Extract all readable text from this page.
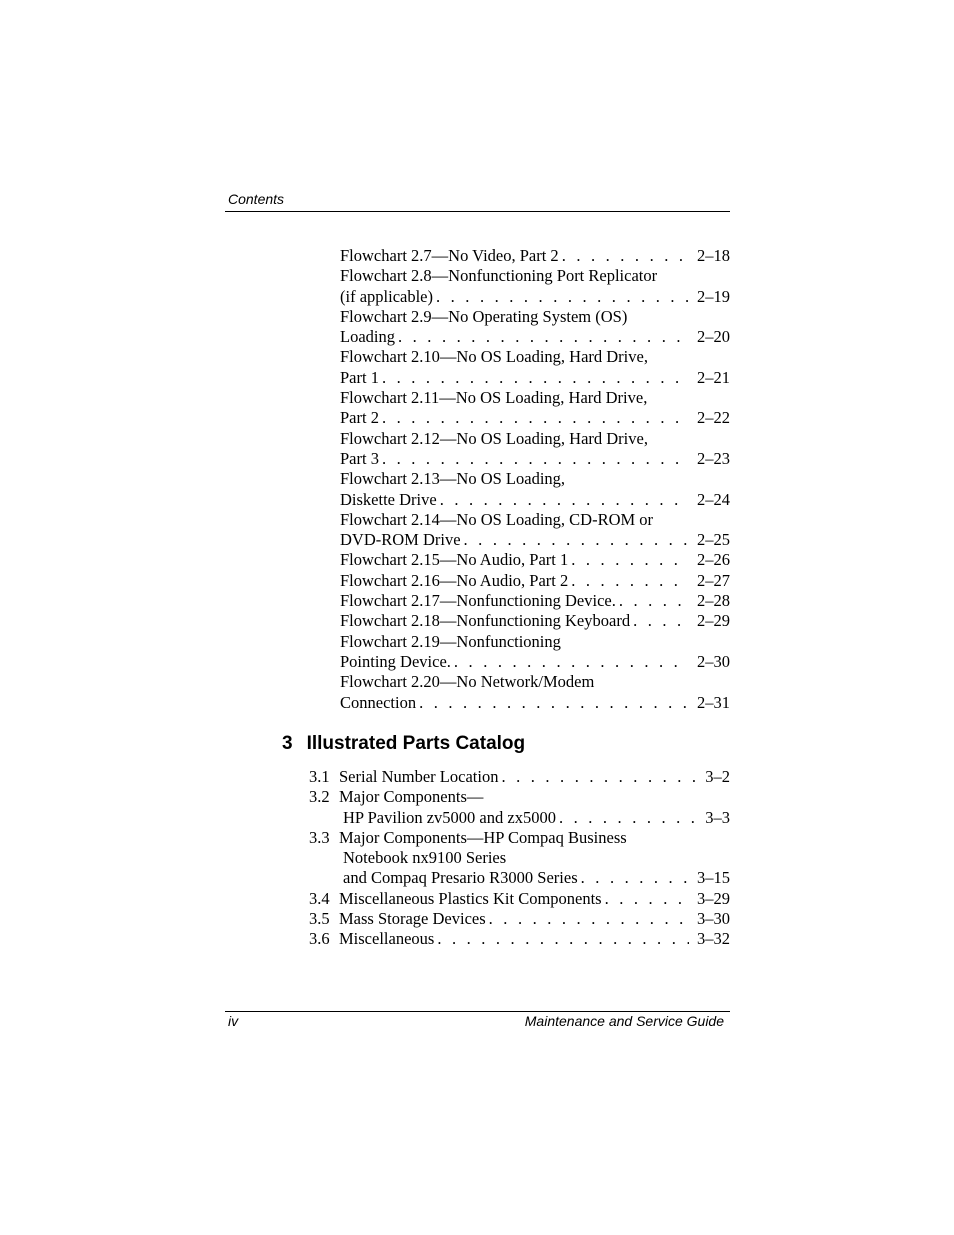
Contents
Flowchart 2.7—No Video, Part 2 . . .	2–18
Flowchart 2.8—Nonfunctioning Port Replicator
(if applicable) . . .	2–19
Flowchart 2.9—No Operating System (OS)
Loading . . .	2–20
Flowchart 2.10—No OS Loading, Hard Drive,
Part 1 . . .	2–21
Flowchart 2.11—No OS Loading, Hard Drive,
Part 2 . . .	2–22
Flowchart 2.12—No OS Loading, Hard Drive,
Part 3 . . .	2–23
Flowchart 2.13—No OS Loading,
Diskette Drive . . .	2–24
Flowchart 2.14—No OS Loading, CD-ROM or
DVD-ROM Drive . . .	2–25
Flowchart 2.15—No Audio, Part 1 . . .	2–26
Flowchart 2.16—No Audio, Part 2 . . .	2–27
Flowchart 2.17—Nonfunctioning Device. . . .	2–28
Flowchart 2.18—Nonfunctioning Keyboard . . .	2–29
Flowchart 2.19—Nonfunctioning
Pointing Device. . . .	2–30
Flowchart 2.20—No Network/Modem
Connection . . .	2–31
3 Illustrated Parts Catalog
3.1 Serial Number Location . . .	3–2
3.2 Major Components—
HP Pavilion zv5000 and zx5000 . . .	3–3
3.3 Major Components—HP Compaq Business
Notebook nx9100 Series
and Compaq Presario R3000 Series . . .	3–15
3.4 Miscellaneous Plastics Kit Components . . .	3–29
3.5 Mass Storage Devices . . .	3–30
3.6 Miscellaneous . . .	3–32
iv	Maintenance and Service Guide
